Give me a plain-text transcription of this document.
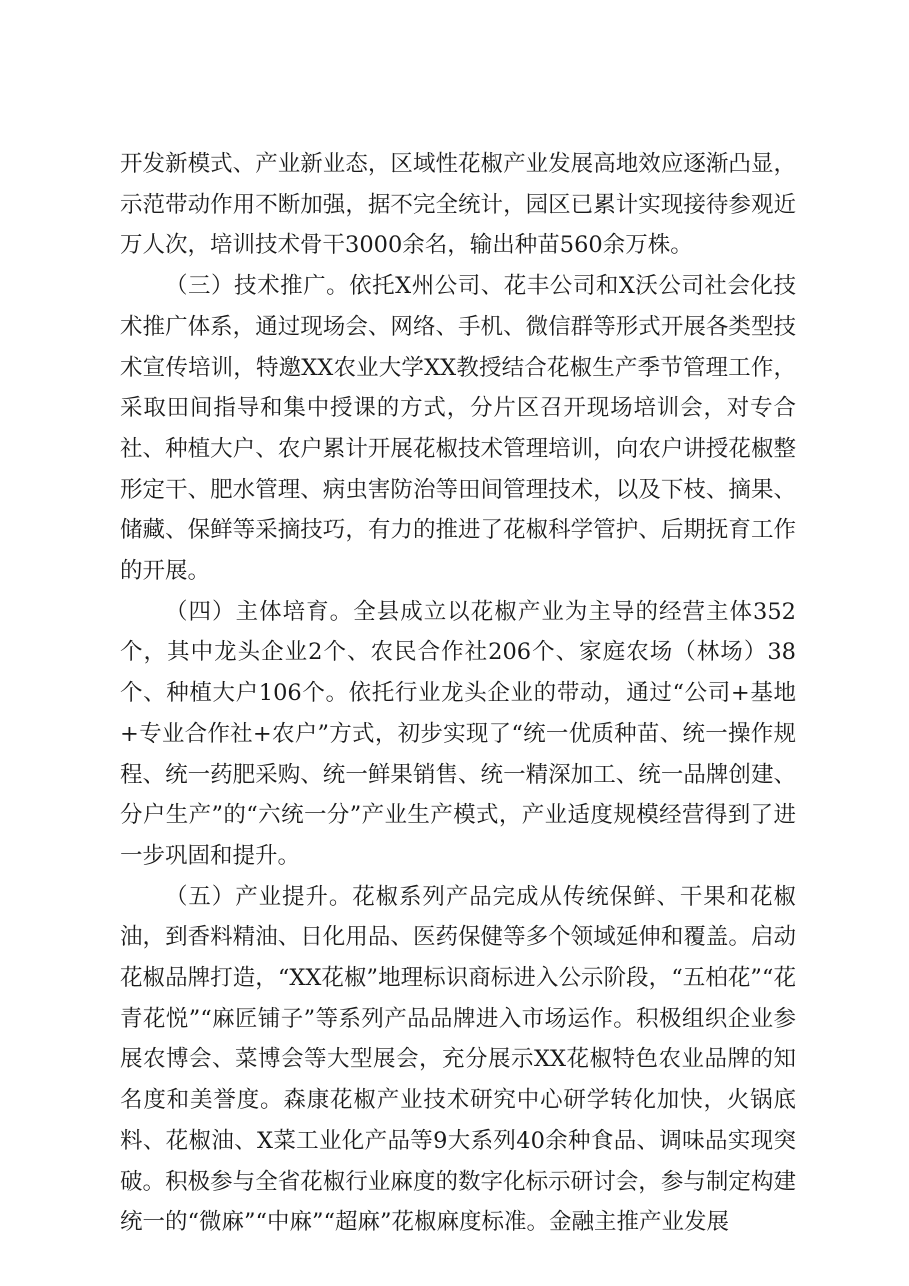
开发新模式、产业新业态，区域性花椒产业发展高地效应逐渐凸显，示范带动作用不断加强，据不完全统计，园区已累计实现接待参观近万人次，培训技术骨干3000余名，输出种苗560余万株。

（三）技术推广。依托X州公司、花丰公司和X沃公司社会化技术推广体系，通过现场会、网络、手机、微信群等形式开展各类型技术宣传培训，特邀XX农业大学XX教授结合花椒生产季节管理工作，采取田间指导和集中授课的方式，分片区召开现场培训会，对专合社、种植大户、农户累计开展花椒技术管理培训，向农户讲授花椒整形定干、肥水管理、病虫害防治等田间管理技术，以及下枝、摘果、储藏、保鲜等采摘技巧，有力的推进了花椒科学管护、后期抚育工作的开展。

（四）主体培育。全县成立以花椒产业为主导的经营主体352个，其中龙头企业2个、农民合作社206个、家庭农场（林场）38个、种植大户106个。依托行业龙头企业的带动，通过“公司+基地+专业合作社+农户”方式，初步实现了“统一优质种苗、统一操作规程、统一药肥采购、统一鲜果销售、统一精深加工、统一品牌创建、分户生产”的“六统一分”产业生产模式，产业适度规模经营得到了进一步巩固和提升。

（五）产业提升。花椒系列产品完成从传统保鲜、干果和花椒油，到香料精油、日化用品、医药保健等多个领域延伸和覆盖。启动花椒品牌打造，“XX花椒”地理标识商标进入公示阶段，“五柏花”“花青花悦”“麻匠铺子”等系列产品品牌进入市场运作。积极组织企业参展农博会、菜博会等大型展会，充分展示XX花椒特色农业品牌的知名度和美誉度。森康花椒产业技术研究中心研学转化加快，火锅底料、花椒油、X菜工业化产品等9大系列40余种食品、调味品实现突破。积极参与全省花椒行业麻度的数字化标示研讨会，参与制定构建统一的“微麻”“中麻”“超麻”花椒麻度标准。金融主推产业发展
